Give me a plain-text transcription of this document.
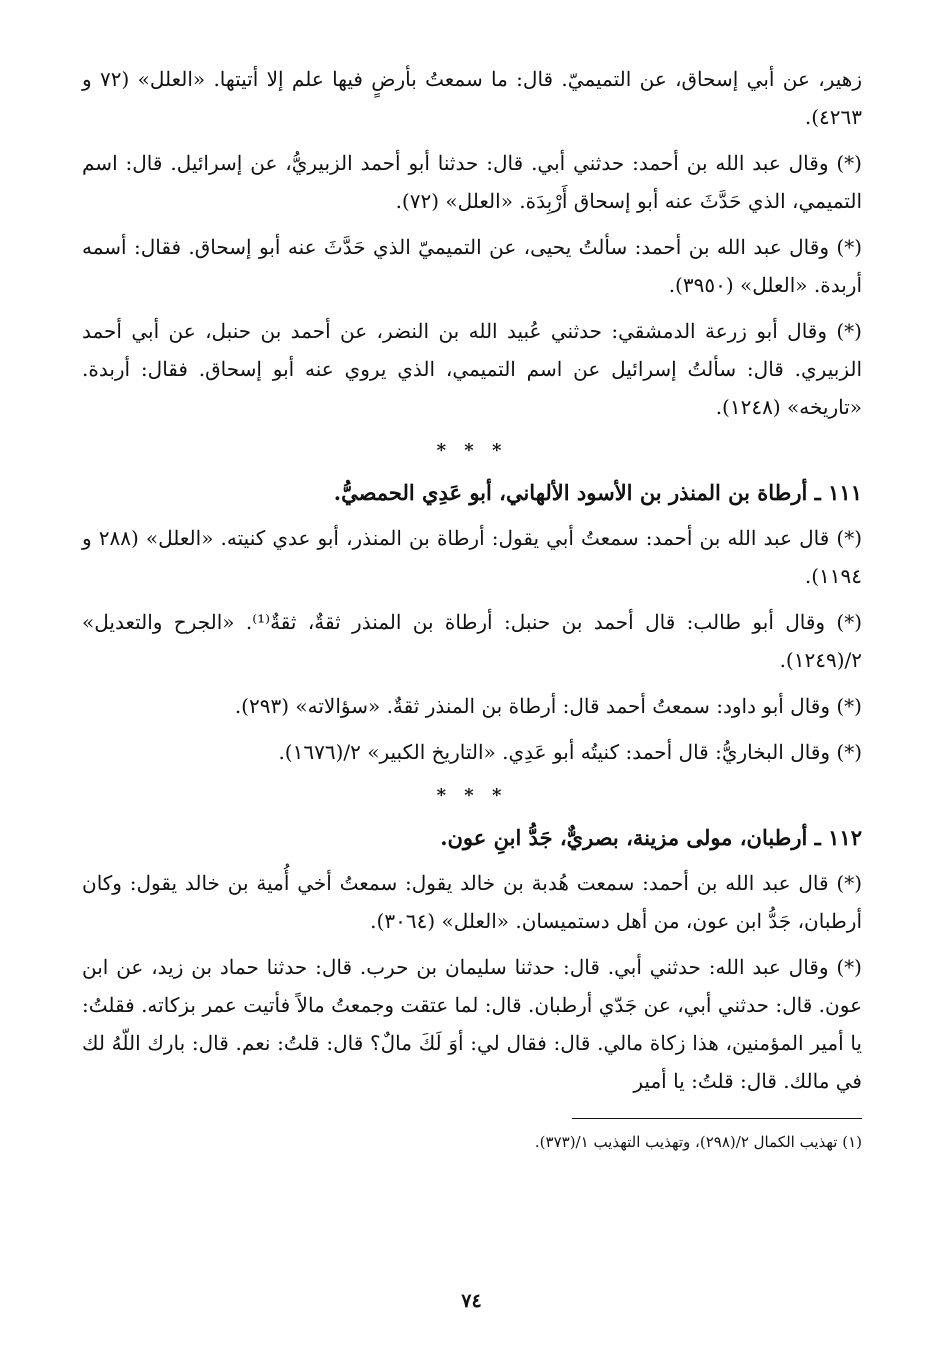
زهير، عن أبي إسحاق، عن التميميّ. قال: ما سمعتُ بأرضٍ فيها علم إلا أتيتها. «العلل» (٧٢ و ٤٢٦٣).

(*) وقال عبد الله بن أحمد: حدثني أبي. قال: حدثنا أبو أحمد الزبيريُّ، عن إسرائيل. قال: اسم التميمي، الذي حَدَّثَ عنه أبو إسحاق أَرْبِدَة. «العلل» (٧٢).

(*) وقال عبد الله بن أحمد: سألتُ يحيى، عن التميميّ الذي حَدَّثَ عنه أبو إسحاق. فقال: أسمه أربدة. «العلل» (٣٩٥٠).

(*) وقال أبو زرعة الدمشقي: حدثني عُبيد الله بن النضر، عن أحمد بن حنبل، عن أبي أحمد الزبيري. قال: سألتُ إسرائيل عن اسم التميمي، الذي يروي عنه أبو إسحاق. فقال: أربدة. «تاريخه» (١٢٤٨).

* * *
١١١ ـ أرطاة بن المنذر بن الأسود الألهاني، أبو عَدِي الحمصيُّ.

(*) قال عبد الله بن أحمد: سمعتُ أبي يقول: أرطاة بن المنذر، أبو عدي كنيته. «العلل» (٢٨٨ و ١١٩٤).

(*) وقال أبو طالب: قال أحمد بن حنبل: أرطاة بن المنذر ثقةٌ، ثقةٌ⁽¹⁾. «الجرح والتعديل» ٢/(١٢٤٩).

(*) وقال أبو داود: سمعتُ أحمد قال: أرطاة بن المنذر ثقةٌ. «سؤالاته» (٢٩٣).

(*) وقال البخاريُّ: قال أحمد: كنيتُه أبو عَدِي. «التاريخ الكبير» ٢/(١٦٧٦).

* * *
١١٢ ـ أرطبان، مولى مزينة، بصريٌّ، جَدُّ ابنِ عون.

(*) قال عبد الله بن أحمد: سمعت هُدبة بن خالد يقول: سمعتُ أخي أُمية بن خالد يقول: وكان أرطبان، جَدُّ ابن عون، من أهل دستميسان. «العلل» (٣٠٦٤).

(*) وقال عبد الله: حدثني أبي. قال: حدثنا سليمان بن حرب. قال: حدثنا حماد بن زيد، عن ابن عون. قال: حدثني أبي، عن جَدّي أرطبان. قال: لما عتقت وجمعتُ مالاً فأتيت عمر بزكاته. فقلتُ: يا أمير المؤمنين، هذا زكاة مالي. قال: فقال لي: أوَ لَكَ مالٌ؟ قال: قلتُ: نعم. قال: بارك اللّهُ لك في مالك. قال: قلتُ: يا أمير

(١) تهذيب الكمال ٢/(٢٩٨)، وتهذيب التهذيب ١/(٣٧٣).
٧٤
